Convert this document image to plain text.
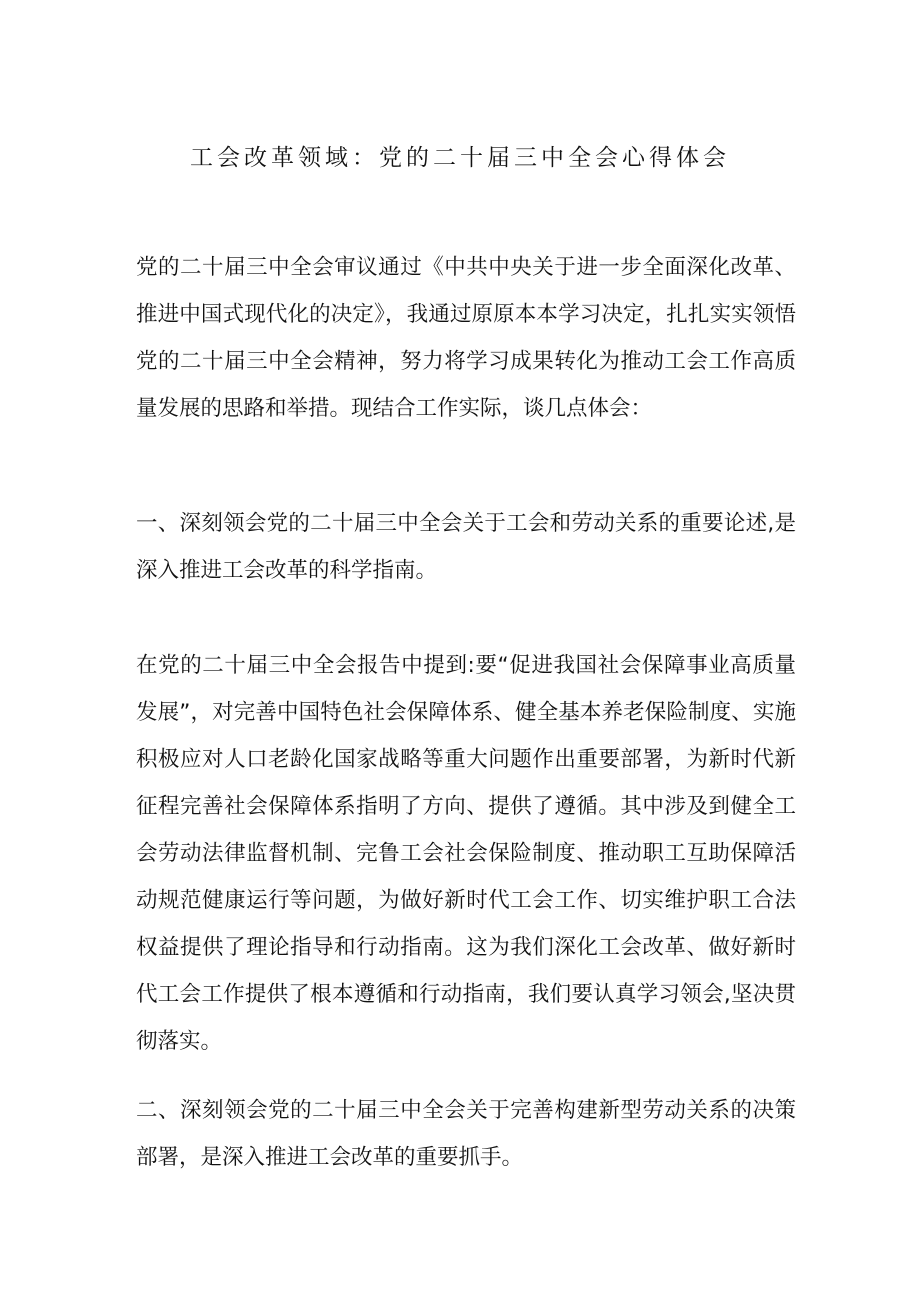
工会改革领域：党的二十届三中全会心得体会

党的二十届三中全会审议通过《中共中央关于进一步全面深化改革、推进中国式现代化的决定》，我通过原原本本学习决定，扎扎实实领悟党的二十届三中全会精神，努力将学习成果转化为推动工会工作高质量发展的思路和举措。现结合工作实际，谈几点体会：

一、深刻领会党的二十届三中全会关于工会和劳动关系的重要论述,是深入推进工会改革的科学指南。

在党的二十届三中全会报告中提到:要“促进我国社会保障事业高质量发展”，对完善中国特色社会保障体系、健全基本养老保险制度、实施积极应对人口老龄化国家战略等重大问题作出重要部署，为新时代新征程完善社会保障体系指明了方向、提供了遵循。其中涉及到健全工会劳动法律监督机制、完鲁工会社会保险制度、推动职工互助保障活动规范健康运行等问题，为做好新时代工会工作、切实维护职工合法权益提供了理论指导和行动指南。这为我们深化工会改革、做好新时代工会工作提供了根本遵循和行动指南，我们要认真学习领会,坚决贯彻落实。

二、深刻领会党的二十届三中全会关于完善构建新型劳动关系的决策部署，是深入推进工会改革的重要抓手。
